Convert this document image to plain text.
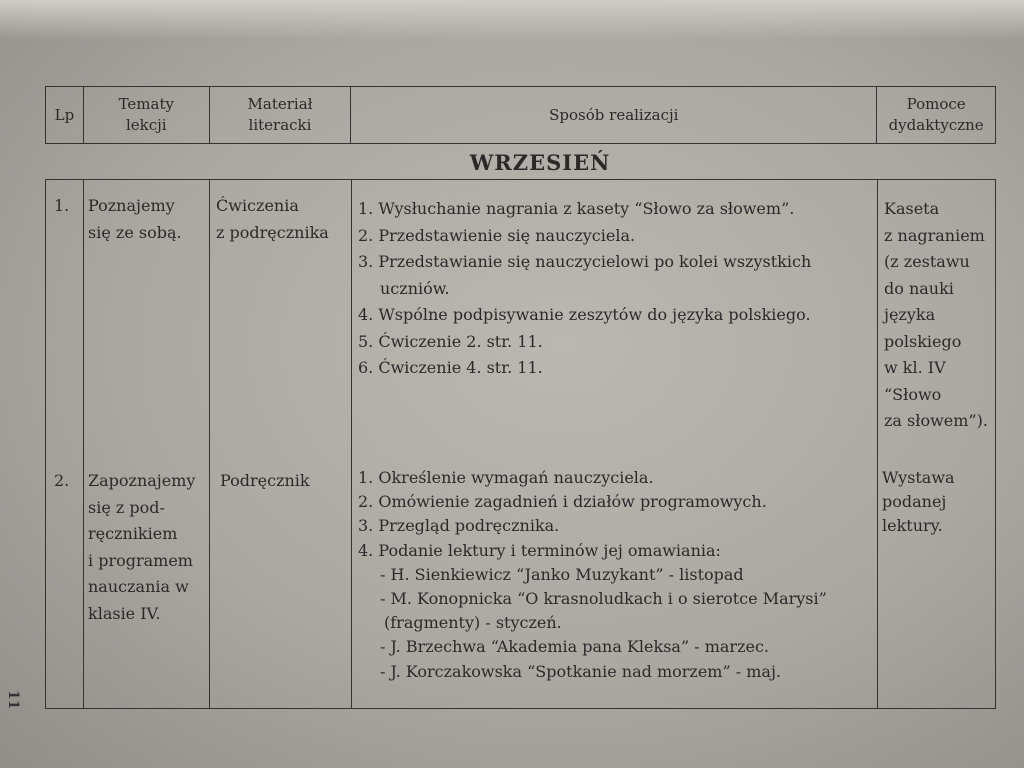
Lp
Tematy
lekcji
Materiał
literacki
Sposób realizacji
Pomoce
dydaktyczne
WRZESIEŃ
1. Poznajemy
się ze sobą.
Ćwiczenia
z podręcznika
1. Wysłuchanie nagrania z kasety “Słowo za słowem”.
2. Przedstawienie się nauczyciela.
3. Przedstawianie się nauczycielowi po kolei wszystkich
uczniów.
4. Wspólne podpisywanie zeszytów do języka polskiego.
5. Ćwiczenie 2. str. 11.
6. Ćwiczenie 4. str. 11.
Kaseta
z nagraniem
(z zestawu
do nauki
języka
polskiego
w kl. IV
“Słowo
za słowem”).
2. Zapoznajemy
się z pod-
ręcznikiem
i programem
nauczania w
klasie IV.
Podręcznik	1. Określenie wymagań nauczyciela.
2. Omówienie zagadnień i działów programowych.
3. Przegląd podręcznika.
4. Podanie lektury i terminów jej omawiania:
- H. Sienkiewicz “Janko Muzykant” - listopad
- M. Konopnicka “O krasnoludkach i o sierotce Marysi”
(fragmenty) - styczeń.
- J. Brzechwa “Akademia pana Kleksa” - marzec.
- J. Korczakowska “Spotkanie nad morzem” - maj.
Wystawa
podanej
lektury.
11
